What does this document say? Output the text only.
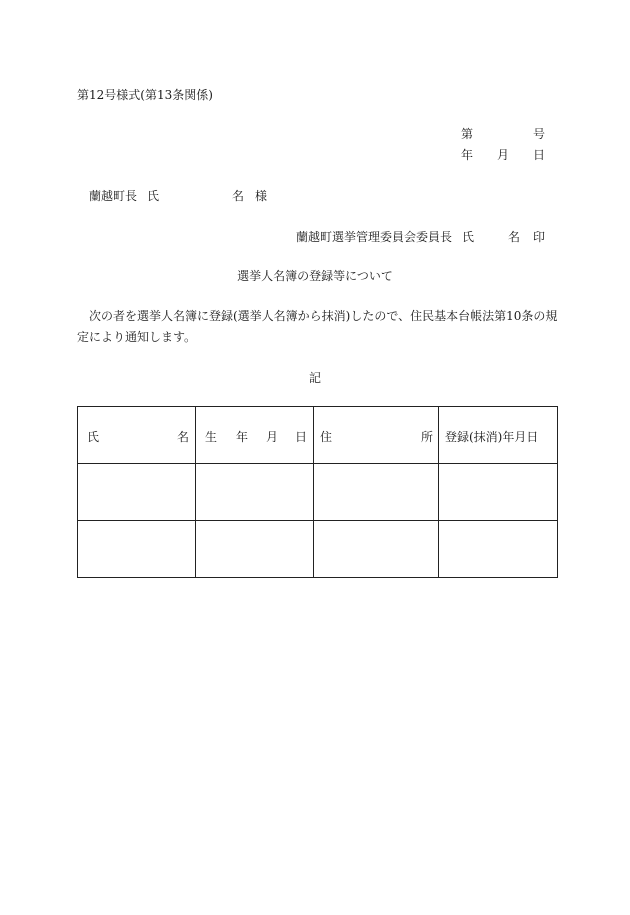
第12号様式(第13条関係)
第	号
年 月 日
蘭越町長 氏	名 様
蘭越町選挙管理委員会委員長 氏	名 印
選挙人名簿の登録等について
次の者を選挙人名簿に登録(選挙人名簿から抹消)したので、住民基本台帳法第10条の規定により通知します。
記
氏 名	生 年 月 日	住 所	登録(抹消)年月日
